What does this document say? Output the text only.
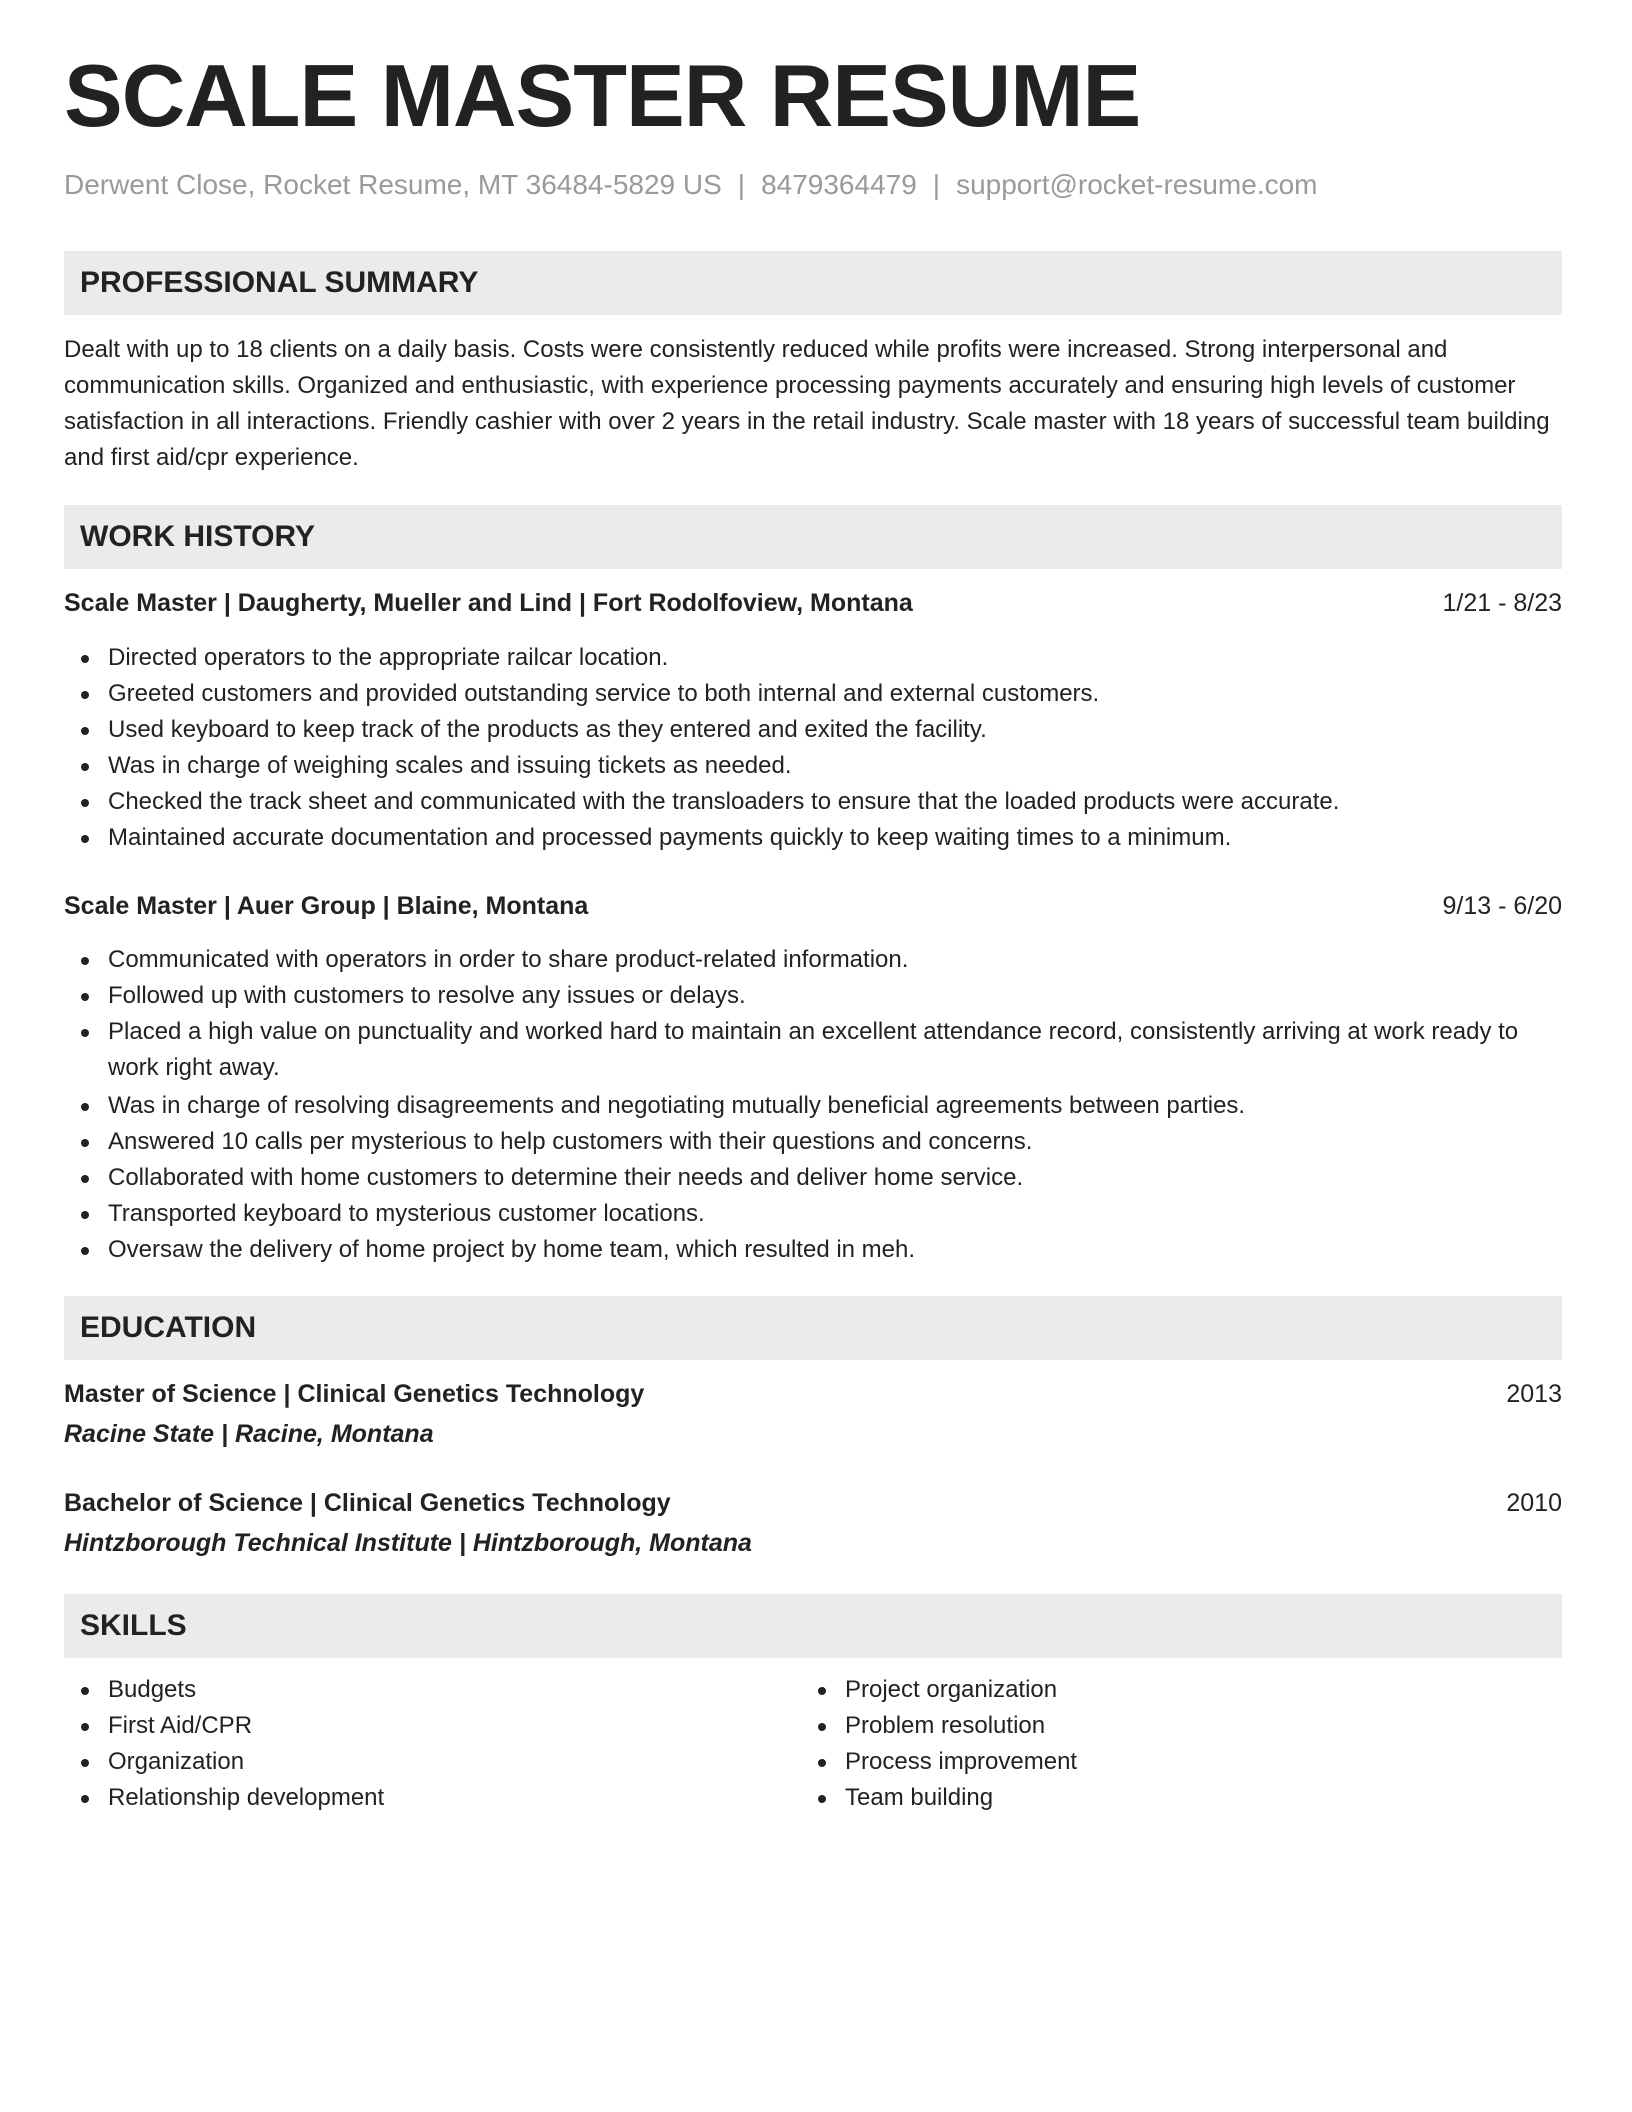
SCALE MASTER RESUME
Derwent Close, Rocket Resume, MT 36484-5829 US | 8479364479 | support@rocket-resume.com
PROFESSIONAL SUMMARY

Dealt with up to 18 clients on a daily basis. Costs were consistently reduced while profits were increased. Strong interpersonal and communication skills. Organized and enthusiastic, with experience processing payments accurately and ensuring high levels of customer satisfaction in all interactions. Friendly cashier with over 2 years in the retail industry. Scale master with 18 years of successful team building and first aid/cpr experience.

WORK HISTORY
Scale Master | Daugherty, Mueller and Lind | Fort Rodolfoview, Montana	1/21 - 8/23
Directed operators to the appropriate railcar location.
Greeted customers and provided outstanding service to both internal and external customers.
Used keyboard to keep track of the products as they entered and exited the facility.
Was in charge of weighing scales and issuing tickets as needed.
Checked the track sheet and communicated with the transloaders to ensure that the loaded products were accurate.
Maintained accurate documentation and processed payments quickly to keep waiting times to a minimum.
Scale Master | Auer Group | Blaine, Montana	9/13 - 6/20
Communicated with operators in order to share product-related information.
Followed up with customers to resolve any issues or delays.
Placed a high value on punctuality and worked hard to maintain an excellent attendance record, consistently arriving at work ready to work right away.
Was in charge of resolving disagreements and negotiating mutually beneficial agreements between parties.
Answered 10 calls per mysterious to help customers with their questions and concerns.
Collaborated with home customers to determine their needs and deliver home service.
Transported keyboard to mysterious customer locations.
Oversaw the delivery of home project by home team, which resulted in meh.
EDUCATION
Master of Science | Clinical Genetics Technology	2013
Racine State | Racine, Montana
Bachelor of Science | Clinical Genetics Technology	2010
Hintzborough Technical Institute | Hintzborough, Montana
SKILLS
Budgets
First Aid/CPR
Organization
Relationship development
Project organization
Problem resolution
Process improvement
Team building
